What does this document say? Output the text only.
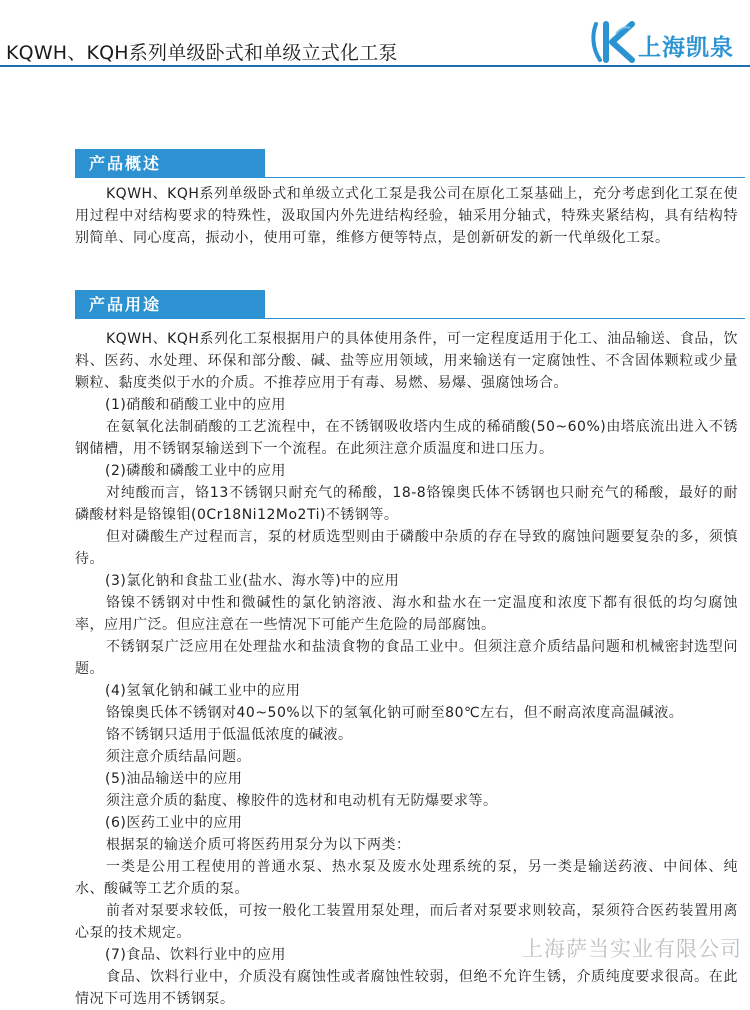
KQWH、KQH系列单级卧式和单级立式化工泵	上海凯泉
产品概述

KQWH、KQH系列单级卧式和单级立式化工泵是我公司在原化工泵基础上，充分考虑到化工泵在使用过程中对结构要求的特殊性，汲取国内外先进结构经验，轴采用分轴式，特殊夹紧结构，具有结构特别简单、同心度高，振动小，使用可靠，维修方便等特点，是创新研发的新一代单级化工泵。

产品用途

KQWH、KQH系列化工泵根据用户的具体使用条件，可一定程度适用于化工、油品输送、食品，饮料、医药、水处理、环保和部分酸、碱、盐等应用领域，用来输送有一定腐蚀性、不含固体颗粒或少量颗粒、黏度类似于水的介质。不推荐应用于有毒、易燃、易爆、强腐蚀场合。

(1)硝酸和硝酸工业中的应用

在氨氧化法制硝酸的工艺流程中，在不锈钢吸收塔内生成的稀硝酸(50~60%)由塔底流出进入不锈钢储槽，用不锈钢泵输送到下一个流程。在此须注意介质温度和进口压力。

(2)磷酸和磷酸工业中的应用

对纯酸而言，铬13不锈钢只耐充气的稀酸，18-8铬镍奥氏体不锈钢也只耐充气的稀酸，最好的耐磷酸材料是铬镍钼(0Cr18Ni12Mo2Ti)不锈钢等。

但对磷酸生产过程而言，泵的材质选型则由于磷酸中杂质的存在导致的腐蚀问题要复杂的多，须慎待。

(3)氯化钠和食盐工业(盐水、海水等)中的应用

铬镍不锈钢对中性和微碱性的氯化钠溶液、海水和盐水在一定温度和浓度下都有很低的均匀腐蚀率，应用广泛。但应注意在一些情况下可能产生危险的局部腐蚀。

不锈钢泵广泛应用在处理盐水和盐渍食物的食品工业中。但须注意介质结晶问题和机械密封选型问题。

(4)氢氧化钠和碱工业中的应用

铬镍奥氏体不锈钢对40~50%以下的氢氧化钠可耐至80℃左右，但不耐高浓度高温碱液。

铬不锈钢只适用于低温低浓度的碱液。

须注意介质结晶问题。

(5)油品输送中的应用

须注意介质的黏度、橡胶件的选材和电动机有无防爆要求等。

(6)医药工业中的应用

根据泵的输送介质可将医药用泵分为以下两类：

一类是公用工程使用的普通水泵、热水泵及废水处理系统的泵，另一类是输送药液、中间体、纯水、酸碱等工艺介质的泵。

前者对泵要求较低，可按一般化工装置用泵处理，而后者对泵要求则较高，泵须符合医药装置用离心泵的技术规定。

(7)食品、饮料行业中的应用

食品、饮料行业中，介质没有腐蚀性或者腐蚀性较弱，但绝不允许生锈，介质纯度要求很高。在此情况下可选用不锈钢泵。

上海萨当实业有限公司
